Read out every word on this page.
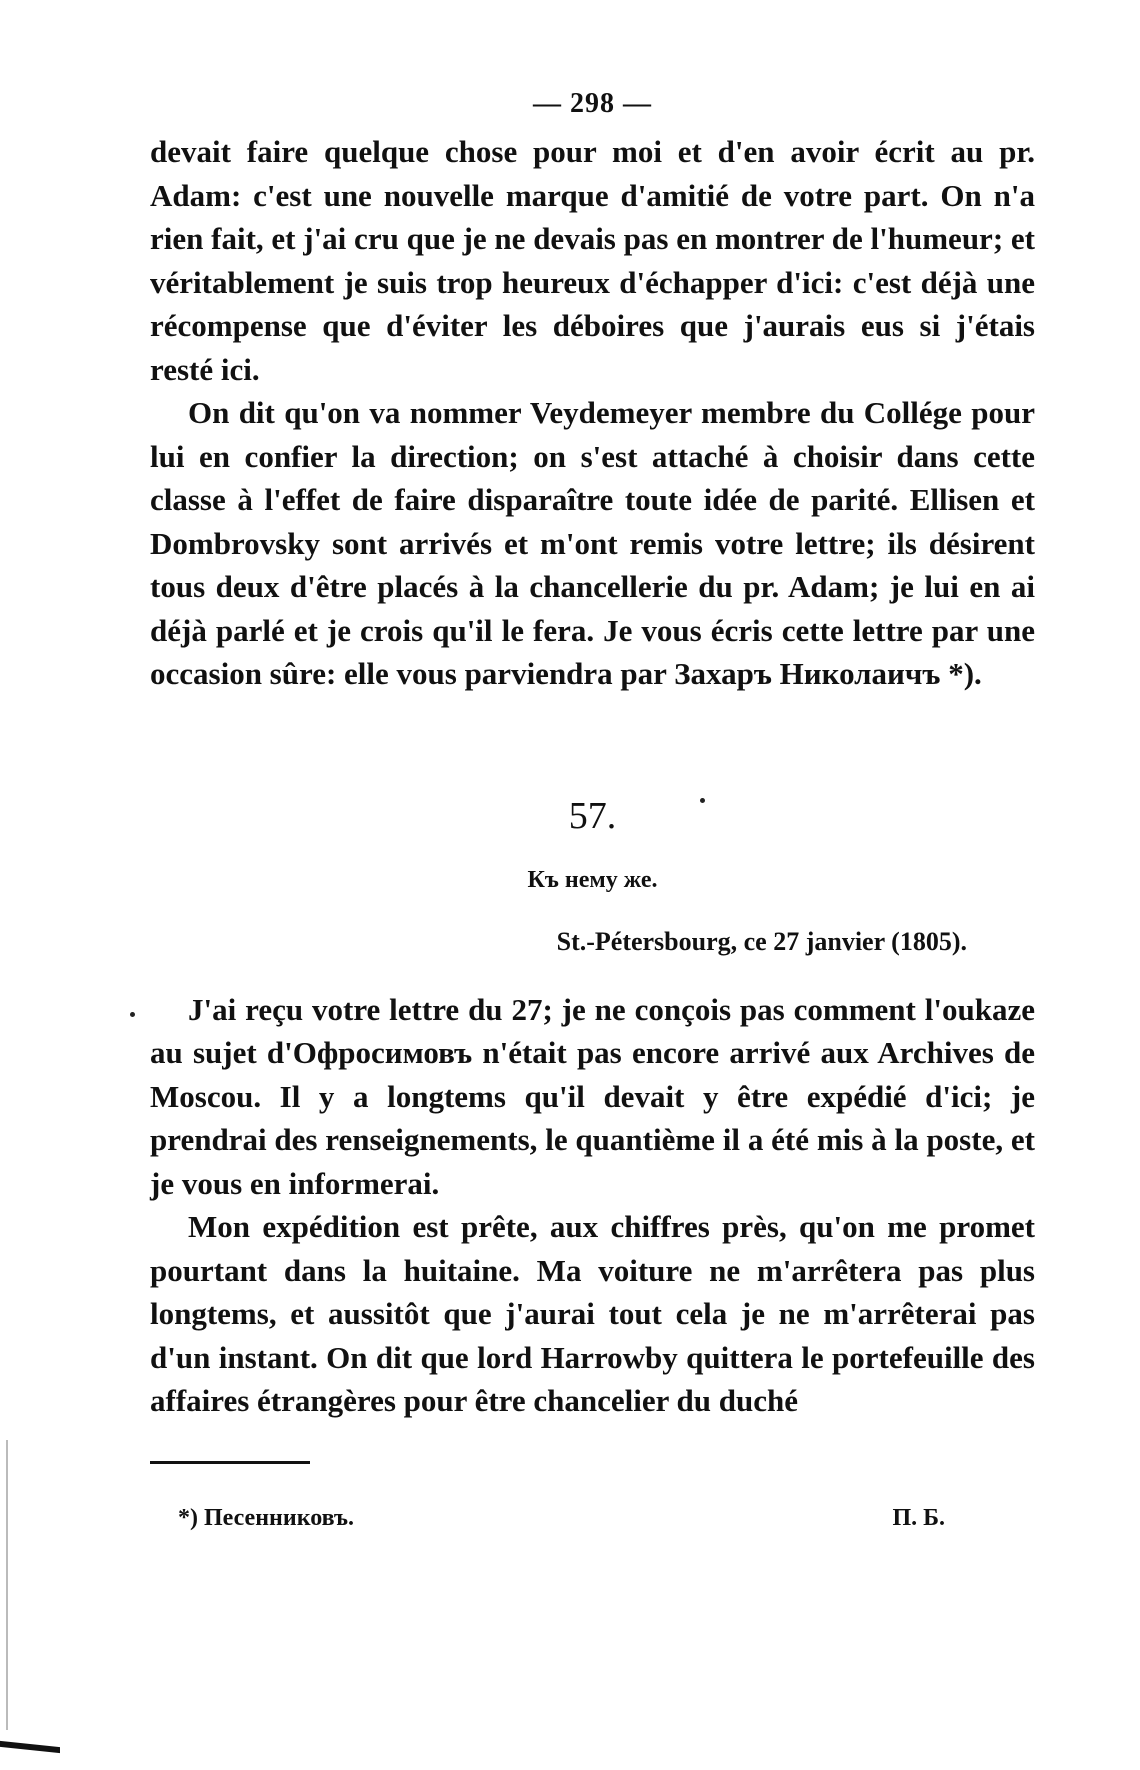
— 298 —

devait faire quelque chose pour moi et d'en avoir écrit au pr. Adam: c'est une nouvelle marque d'amitié de votre part. On n'a rien fait, et j'ai cru que je ne devais pas en montrer de l'humeur; et véritablement je suis trop heureux d'échapper d'ici: c'est déjà une récompense que d'éviter les déboires que j'aurais eus si j'étais resté ici.

On dit qu'on va nommer Veydemeyer membre du Collége pour lui en confier la direction; on s'est attaché à choisir dans cette classe à l'effet de faire disparaître toute idée de parité. Ellisen et Dombrovsky sont arrivés et m'ont remis votre lettre; ils désirent tous deux d'être placés à la chancellerie du pr. Adam; je lui en ai déjà parlé et je crois qu'il le fera. Je vous écris cette lettre par une occasion sûre: elle vous parviendra par Захаръ Николаичъ *).

57.
Къ нему же.
St.-Pétersbourg, ce 27 janvier (1805).

J'ai reçu votre lettre du 27; je ne conçois pas comment l'oukaze au sujet d'Офросимовъ n'était pas encore arrivé aux Archives de Moscou. Il y a longtems qu'il devait y être expédié d'ici; je prendrai des renseignements, le quantième il a été mis à la poste, et je vous en informerai.

Mon expédition est prête, aux chiffres près, qu'on me promet pourtant dans la huitaine. Ma voiture ne m'arrêtera pas plus longtems, et aussitôt que j'aurai tout cela je ne m'arrêterai pas d'un instant. On dit que lord Harrowby quittera le portefeuille des affaires étrangères pour être chancelier du duché

*) Песенниковъ.	П. Б.
